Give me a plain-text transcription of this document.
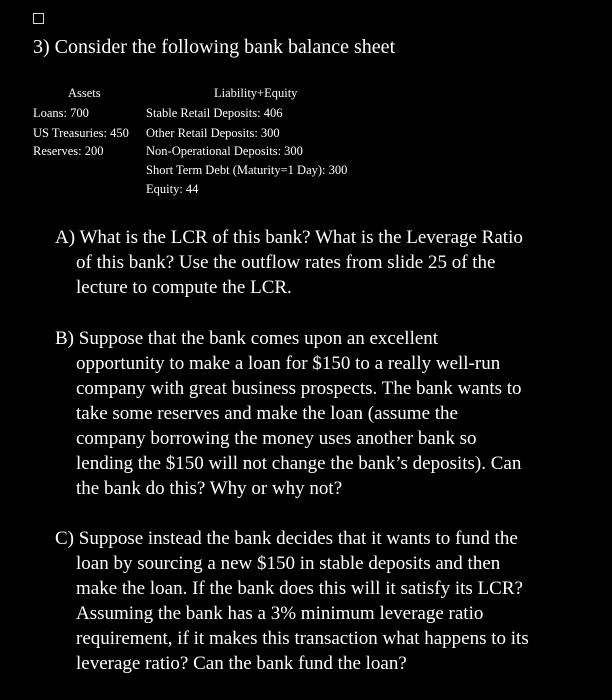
3) Consider the following bank balance sheet
Assets	Liability+Equity
Loans: 700
US Treasuries: 450
Reserves: 200
Stable Retail Deposits: 406
Other Retail Deposits: 300
Non-Operational Deposits: 300
Short Term Debt (Maturity=1 Day): 300
Equity: 44
A) What is the LCR of this bank? What is the Leverage Ratio
of this bank? Use the outflow rates from slide 25 of the
lecture to compute the LCR.
B) Suppose that the bank comes upon an excellent
opportunity to make a loan for $150 to a really well-run
company with great business prospects. The bank wants to
take some reserves and make the loan (assume the
company borrowing the money uses another bank so
lending the $150 will not change the bank’s deposits). Can
the bank do this? Why or why not?
C) Suppose instead the bank decides that it wants to fund the
loan by sourcing a new $150 in stable deposits and then
make the loan. If the bank does this will it satisfy its LCR?
Assuming the bank has a 3% minimum leverage ratio
requirement, if it makes this transaction what happens to its
leverage ratio? Can the bank fund the loan?
